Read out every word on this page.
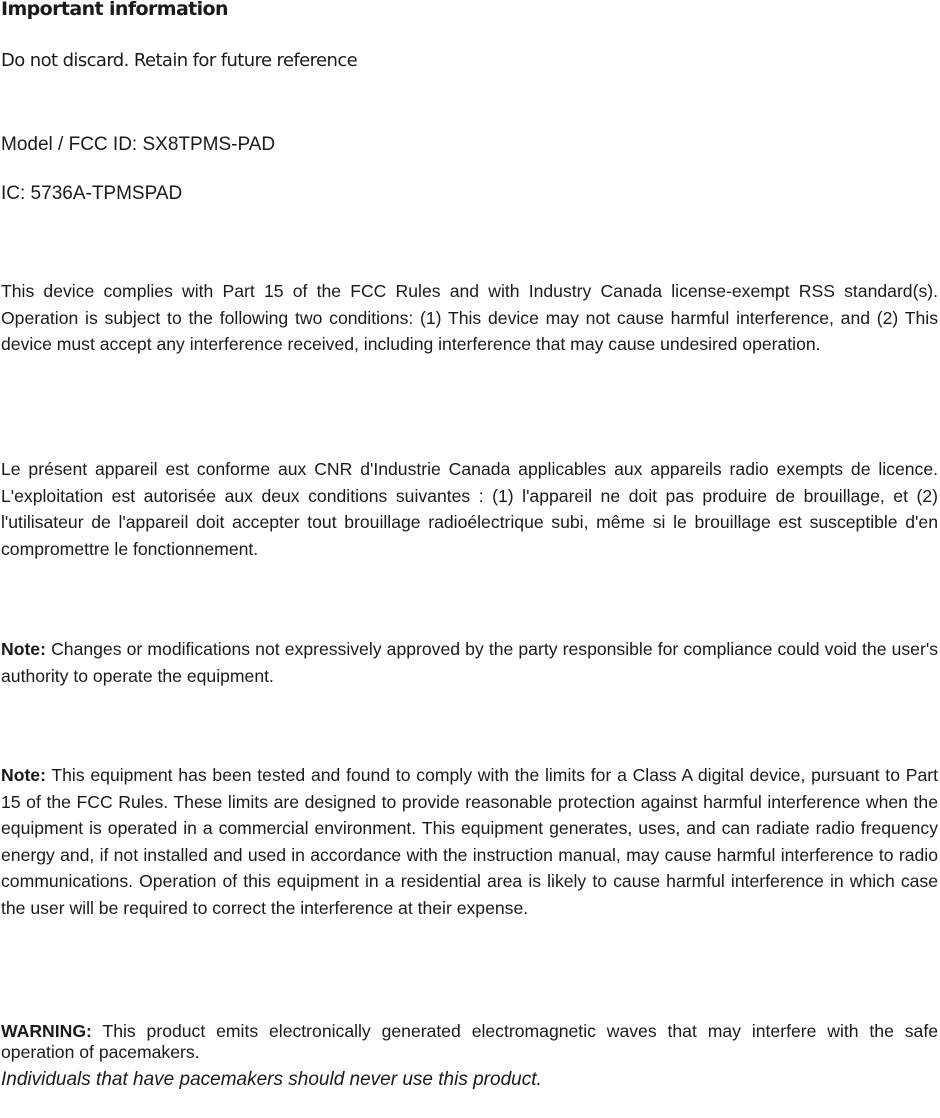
Important information
Do not discard. Retain for future reference
Model / FCC ID: SX8TPMS-PAD
IC: 5736A-TPMSPAD
This device complies with Part 15 of the FCC Rules and with Industry Canada license-exempt RSS standard(s). Operation is subject to the following two conditions: (1) This device may not cause harmful interference, and (2) This device must accept any interference received, including interference that may cause undesired operation.
Le présent appareil est conforme aux CNR d'Industrie Canada applicables aux appareils radio exempts de licence. L'exploitation est autorisée aux deux conditions suivantes : (1) l'appareil ne doit pas produire de brouillage, et (2) l'utilisateur de l'appareil doit accepter tout brouillage radioélectrique subi, même si le brouillage est susceptible d'en compromettre le fonctionnement.
Note: Changes or modifications not expressively approved by the party responsible for compliance could void the user's authority to operate the equipment.
Note: This equipment has been tested and found to comply with the limits for a Class A digital device, pursuant to Part 15 of the FCC Rules. These limits are designed to provide reasonable protection against harmful interference when the equipment is operated in a commercial environment. This equipment generates, uses, and can radiate radio frequency energy and, if not installed and used in accordance with the instruction manual, may cause harmful interference to radio communications. Operation of this equipment in a residential area is likely to cause harmful interference in which case the user will be required to correct the interference at their expense.
WARNING: This product emits electronically generated electromagnetic waves that may interfere with the safe operation of pacemakers.
Individuals that have pacemakers should never use this product.
